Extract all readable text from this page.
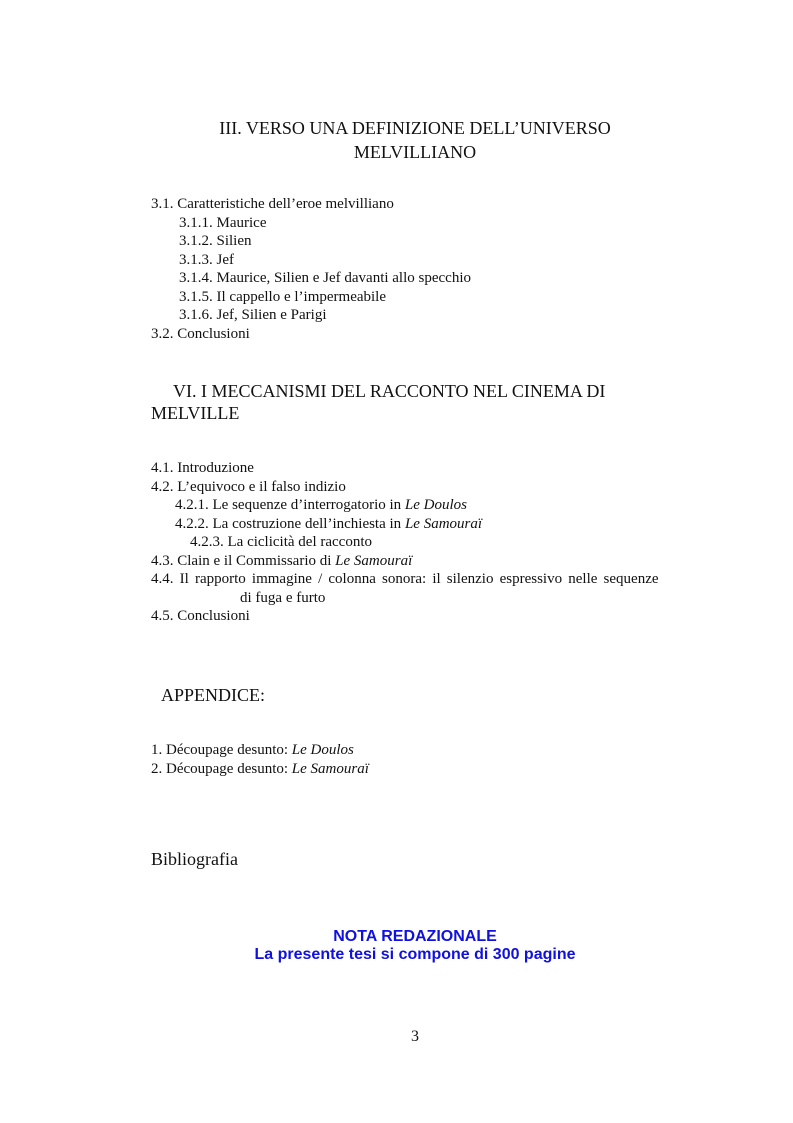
III. VERSO UNA DEFINIZIONE DELL’UNIVERSO
MELVILLIANO
3.1. Caratteristiche dell’eroe melvilliano
3.1.1. Maurice
3.1.2. Silien
3.1.3. Jef
3.1.4. Maurice, Silien e Jef davanti allo specchio
3.1.5. Il cappello e l’impermeabile
3.1.6. Jef, Silien e Parigi
3.2. Conclusioni
VI. I MECCANISMI DEL RACCONTO NEL CINEMA DI
MELVILLE
4.1. Introduzione
4.2. L’equivoco e il falso indizio
4.2.1. Le sequenze d’interrogatorio in Le Doulos
4.2.2. La costruzione dell’inchiesta in Le Samouraï
4.2.3. La ciclicità del racconto
4.3. Clain e il Commissario di Le Samouraï
4.4. Il rapporto immagine / colonna sonora: il silenzio espressivo nelle sequenze
di fuga e furto
4.5. Conclusioni
APPENDICE:
1. Découpage desunto: Le Doulos
2. Découpage desunto: Le Samouraï
Bibliografia
NOTA REDAZIONALE
La presente tesi si compone di 300 pagine
3
